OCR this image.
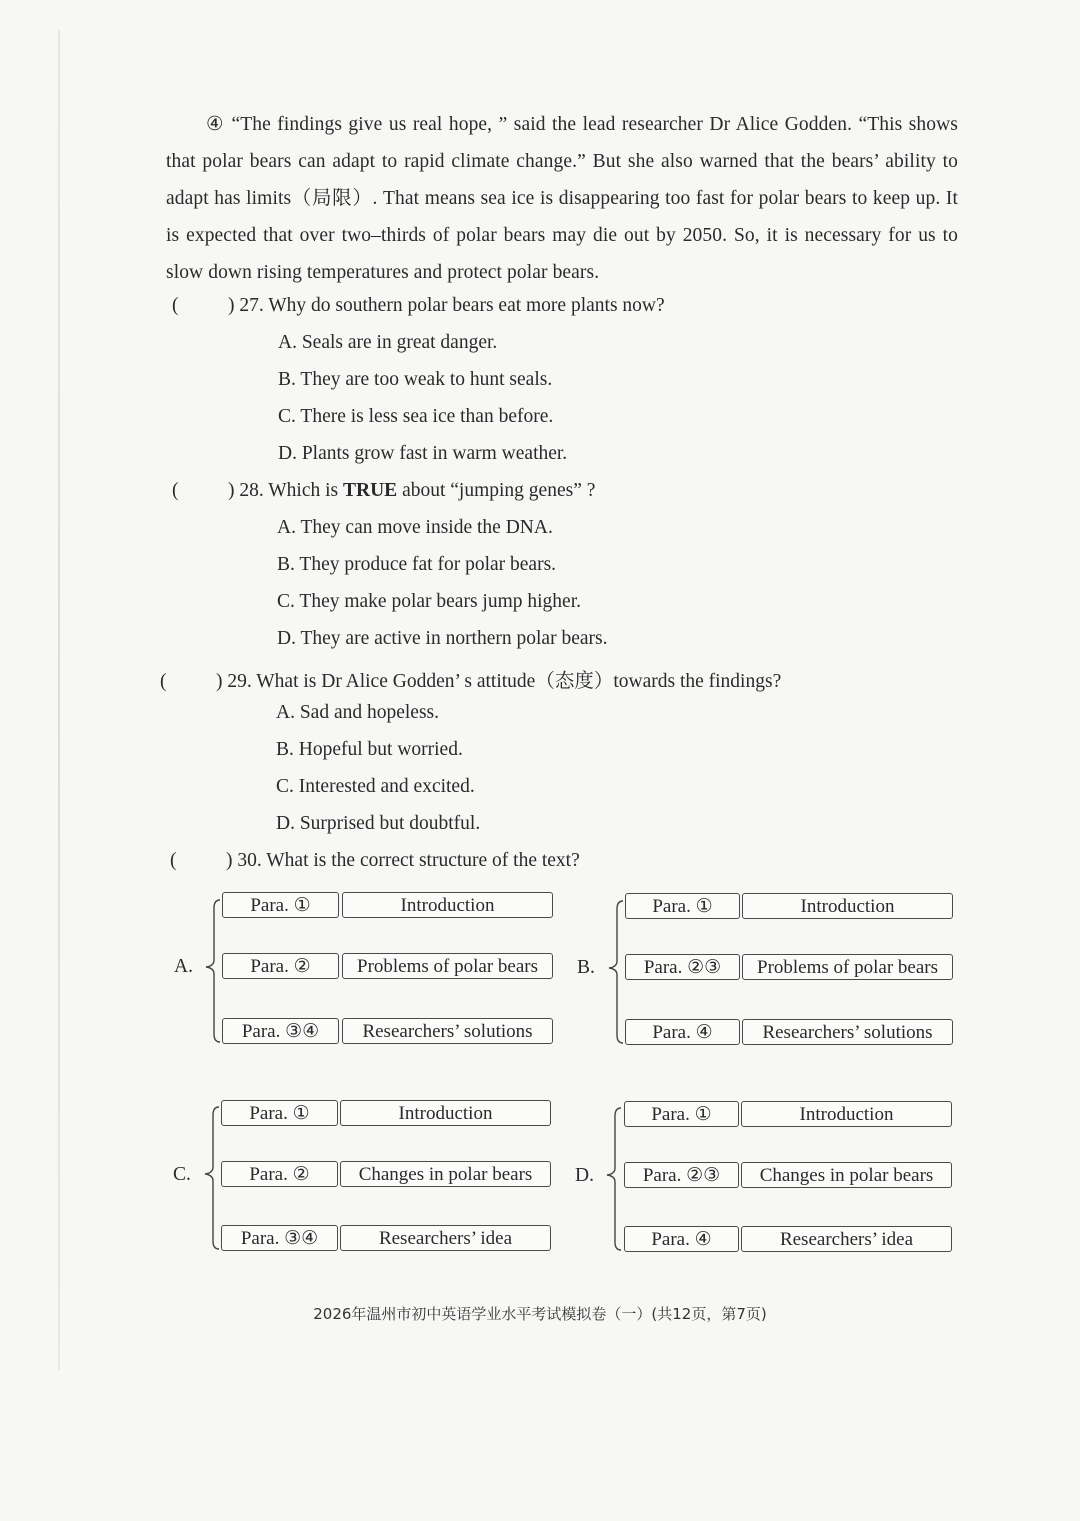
④ “The findings give us real hope, ” said the lead researcher Dr Alice Godden. “This shows that polar bears can adapt to rapid climate change.” But she also warned that the bears’ ability to adapt has limits（局限）. That means sea ice is disappearing too fast for polar bears to keep up. It is expected that over two–thirds of polar bears may die out by 2050. So, it is necessary for us to slow down rising temperatures and protect polar bears.

(	) 27. Why do southern polar bears eat more plants now?
A. Seals are in great danger.
B. They are too weak to hunt seals.
C. There is less sea ice than before.
D. Plants grow fast in warm weather.
(	) 28. Which is TRUE about “jumping genes” ?
A. They can move inside the DNA.
B. They produce fat for polar bears.
C. They make polar bears jump higher.
D. They are active in northern polar bears.
(	) 29. What is Dr Alice Godden’ s attitude（态度）towards the findings?
A. Sad and hopeless.
B. Hopeful but worried.
C. Interested and excited.
D. Surprised but doubtful.
(	) 30. What is the correct structure of the text?
A.
Para. ①	Introduction
Para. ②	Problems of polar bears
Para. ③④	Researchers’ solutions
B.
Para. ①	Introduction
Para. ②③	Problems of polar bears
Para. ④	Researchers’ solutions
C.
Para. ①	Introduction
Para. ②	Changes in polar bears
Para. ③④	Researchers’ idea
D.
Para. ①	Introduction
Para. ②③	Changes in polar bears
Para. ④	Researchers’ idea
2026年温州市初中英语学业水平考试模拟卷（一）(共12页，第7页)
